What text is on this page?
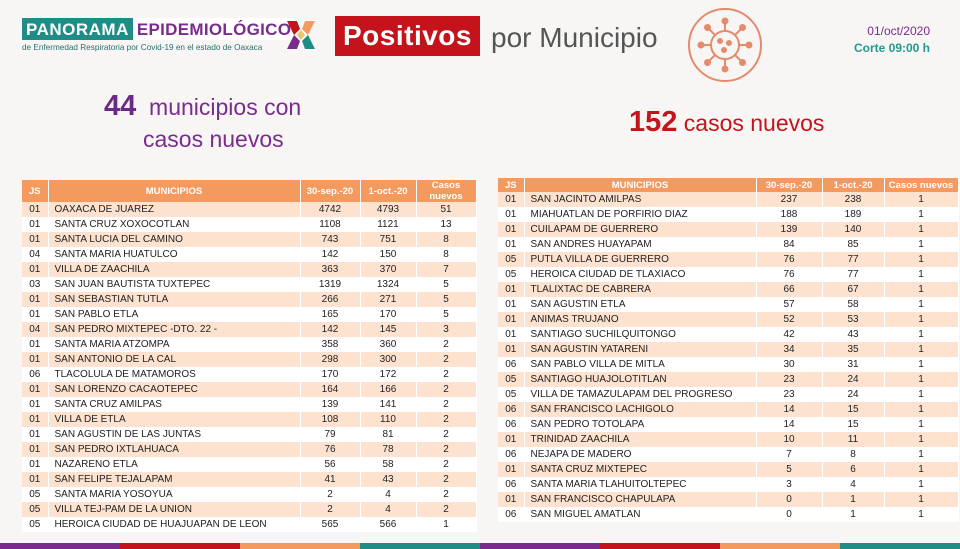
PANORAMA EPIDEMIOLÓGICO
de Enfermedad Respiratoria por Covid-19 en el estado de Oaxaca	Positivos por Municipio	01/oct/2020
Corte 09:00 h
44 municipios con
casos nuevos
152 casos nuevos
JS	MUNICIPIOS	30-sep.-20	1-oct.-20	Casos nuevos
01	OAXACA DE JUAREZ	4742	4793	51
01	SANTA CRUZ XOXOCOTLAN	1108	1121	13
01	SANTA LUCIA DEL CAMINO	743	751	8
04	SANTA MARIA HUATULCO	142	150	8
01	VILLA DE ZAACHILA	363	370	7
03	SAN JUAN BAUTISTA TUXTEPEC	1319	1324	5
01	SAN SEBASTIAN TUTLA	266	271	5
01	SAN PABLO ETLA	165	170	5
04	SAN PEDRO MIXTEPEC -DTO. 22 -	142	145	3
01	SANTA MARIA ATZOMPA	358	360	2
01	SAN ANTONIO DE LA CAL	298	300	2
06	TLACOLULA DE MATAMOROS	170	172	2
01	SAN LORENZO CACAOTEPEC	164	166	2
01	SANTA CRUZ AMILPAS	139	141	2
01	VILLA DE ETLA	108	110	2
01	SAN AGUSTIN DE LAS JUNTAS	79	81	2
01	SAN PEDRO IXTLAHUACA	76	78	2
01	NAZARENO ETLA	56	58	2
01	SAN FELIPE TEJALAPAM	41	43	2
05	SANTA MARIA YOSOYUA	2	4	2
05	VILLA TEJ-PAM DE LA UNION	2	4	2
05	HEROICA CIUDAD DE HUAJUAPAN DE LEON	565	566	1
JS	MUNICIPIOS	30-sep.-20	1-oct.-20	Casos nuevos
01	SAN JACINTO AMILPAS	237	238	1
01	MIAHUATLAN DE PORFIRIO DIAZ	188	189	1
01	CUILAPAM DE GUERRERO	139	140	1
01	SAN ANDRES HUAYAPAM	84	85	1
05	PUTLA VILLA DE GUERRERO	76	77	1
05	HEROICA CIUDAD DE TLAXIACO	76	77	1
01	TLALIXTAC DE CABRERA	66	67	1
01	SAN AGUSTIN ETLA	57	58	1
01	ANIMAS TRUJANO	52	53	1
01	SANTIAGO SUCHILQUITONGO	42	43	1
01	SAN AGUSTIN YATARENI	34	35	1
06	SAN PABLO VILLA DE MITLA	30	31	1
05	SANTIAGO HUAJOLOTITLAN	23	24	1
05	VILLA DE TAMAZULAPAM DEL PROGRESO	23	24	1
06	SAN FRANCISCO LACHIGOLO	14	15	1
06	SAN PEDRO TOTOLAPA	14	15	1
01	TRINIDAD ZAACHILA	10	11	1
06	NEJAPA DE MADERO	7	8	1
01	SANTA CRUZ MIXTEPEC	5	6	1
06	SANTA MARIA TLAHUITOLTEPEC	3	4	1
01	SAN FRANCISCO CHAPULAPA	0	1	1
06	SAN MIGUEL AMATLAN	0	1	1
